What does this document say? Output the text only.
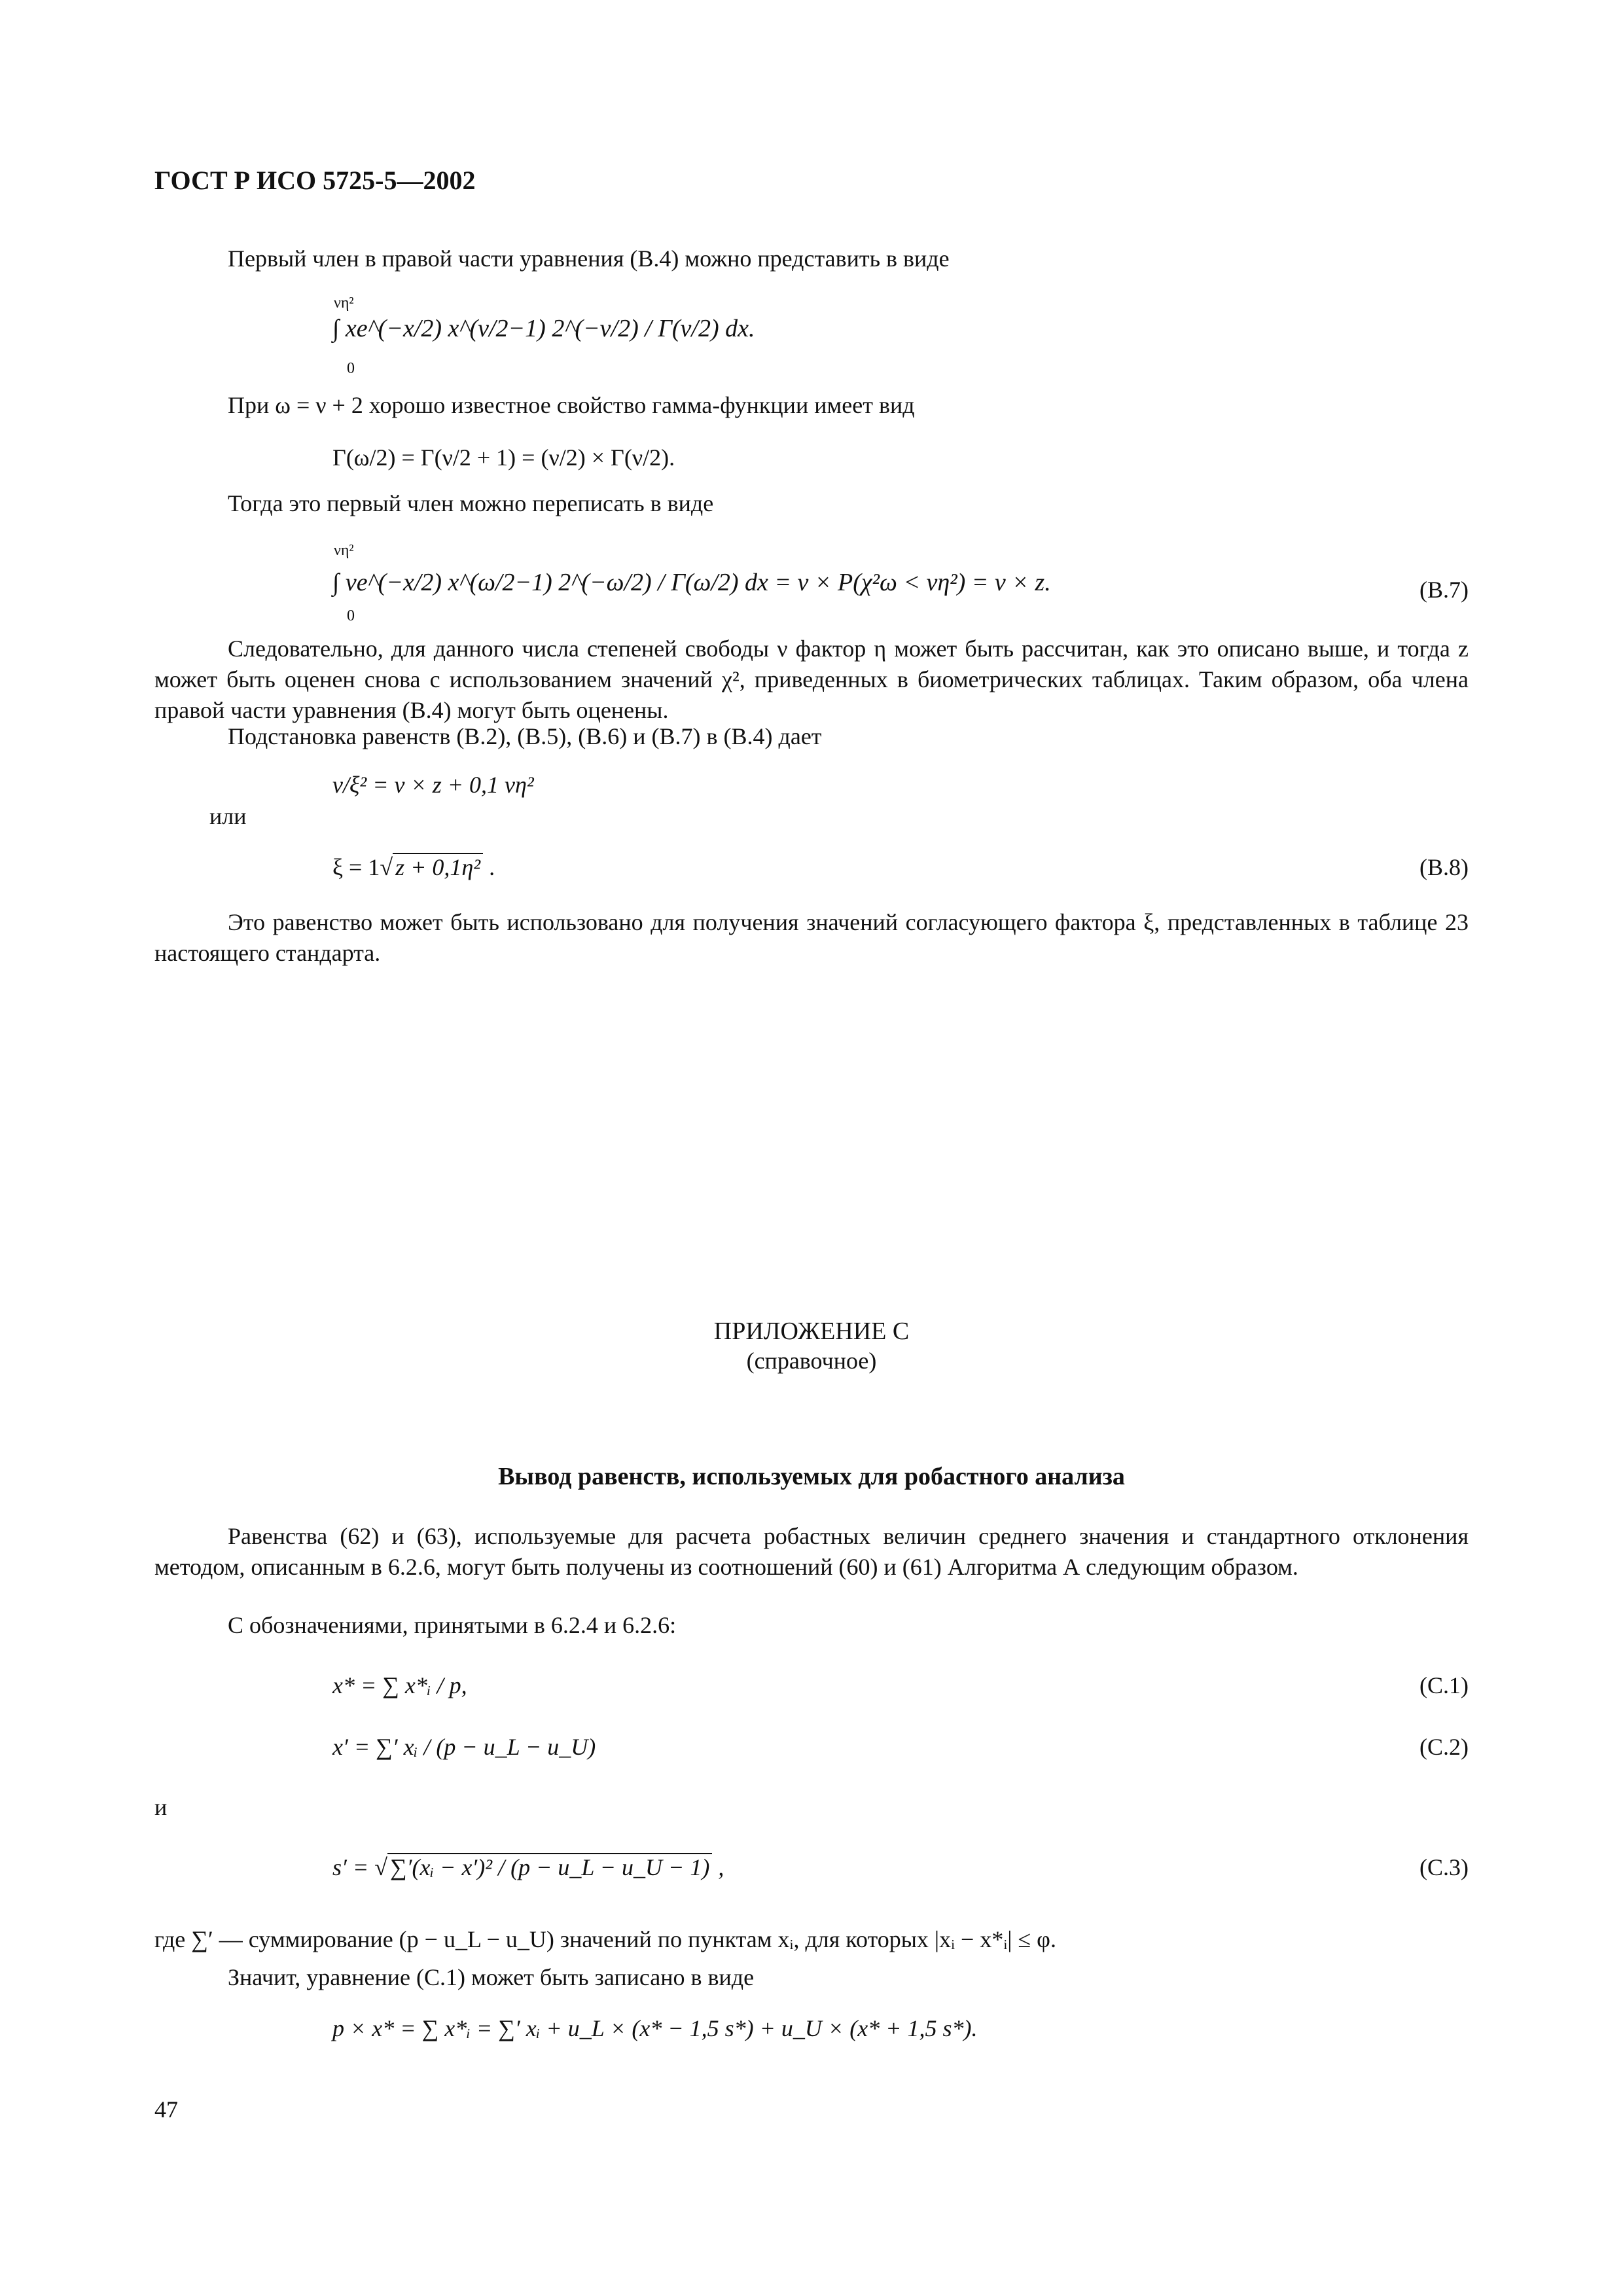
ГОСТ Р ИСО 5725-5—2002
Первый член в правой части уравнения (В.4) можно представить в виде
νη²
∫ xe^(−x/2) x^(ν/2−1) 2^(−ν/2) / Γ(ν/2) dx.
0
При ω = ν + 2 хорошо известное свойство гамма-функции имеет вид
Γ(ω/2) = Γ(ν/2 + 1) = (ν/2) × Γ(ν/2).
Тогда это первый член можно переписать в виде
νη²
∫ νe^(−x/2) x^(ω/2−1) 2^(−ω/2) / Γ(ω/2) dx = ν × P(χ²ω < νη²) = ν × z.
0
(В.7)
Следовательно, для данного числа степеней свободы ν фактор η может быть рассчитан, как это описано выше, и тогда z может быть оценен снова с использованием значений χ², приведенных в биометрических таблицах. Таким образом, оба члена правой части уравнения (В.4) могут быть оценены.
Подстановка равенств (В.2), (В.5), (В.6) и (В.7) в (В.4) дает
ν/ξ² = ν × z + 0,1 νη²
или
ξ = 1√ z + 0,1η² .	(В.8)
Это равенство может быть использовано для получения значений согласующего фактора ξ, представленных в таблице 23 настоящего стандарта.
ПРИЛОЖЕНИЕ С
(справочное)
Вывод равенств, используемых для робастного анализа
Равенства (62) и (63), используемые для расчета робастных величин среднего значения и стандартного отклонения методом, описанным в 6.2.6, могут быть получены из соотношений (60) и (61) Алгоритма А следующим образом.
С обозначениями, принятыми в 6.2.4 и 6.2.6:
x* = ∑ x*ᵢ / p,	(С.1)
x′ = ∑′ xᵢ / (p − u_L − u_U)	(С.2)
и
s′ = √ ∑′(xᵢ − x′)² / (p − u_L − u_U − 1) ,	(С.3)
где ∑′ — суммирование (p − u_L − u_U) значений по пунктам xᵢ, для которых |xᵢ − x*ᵢ| ≤ φ.
Значит, уравнение (С.1) может быть записано в виде
p × x* = ∑ x*ᵢ = ∑′ xᵢ + u_L × (x* − 1,5 s*) + u_U × (x* + 1,5 s*).
47
